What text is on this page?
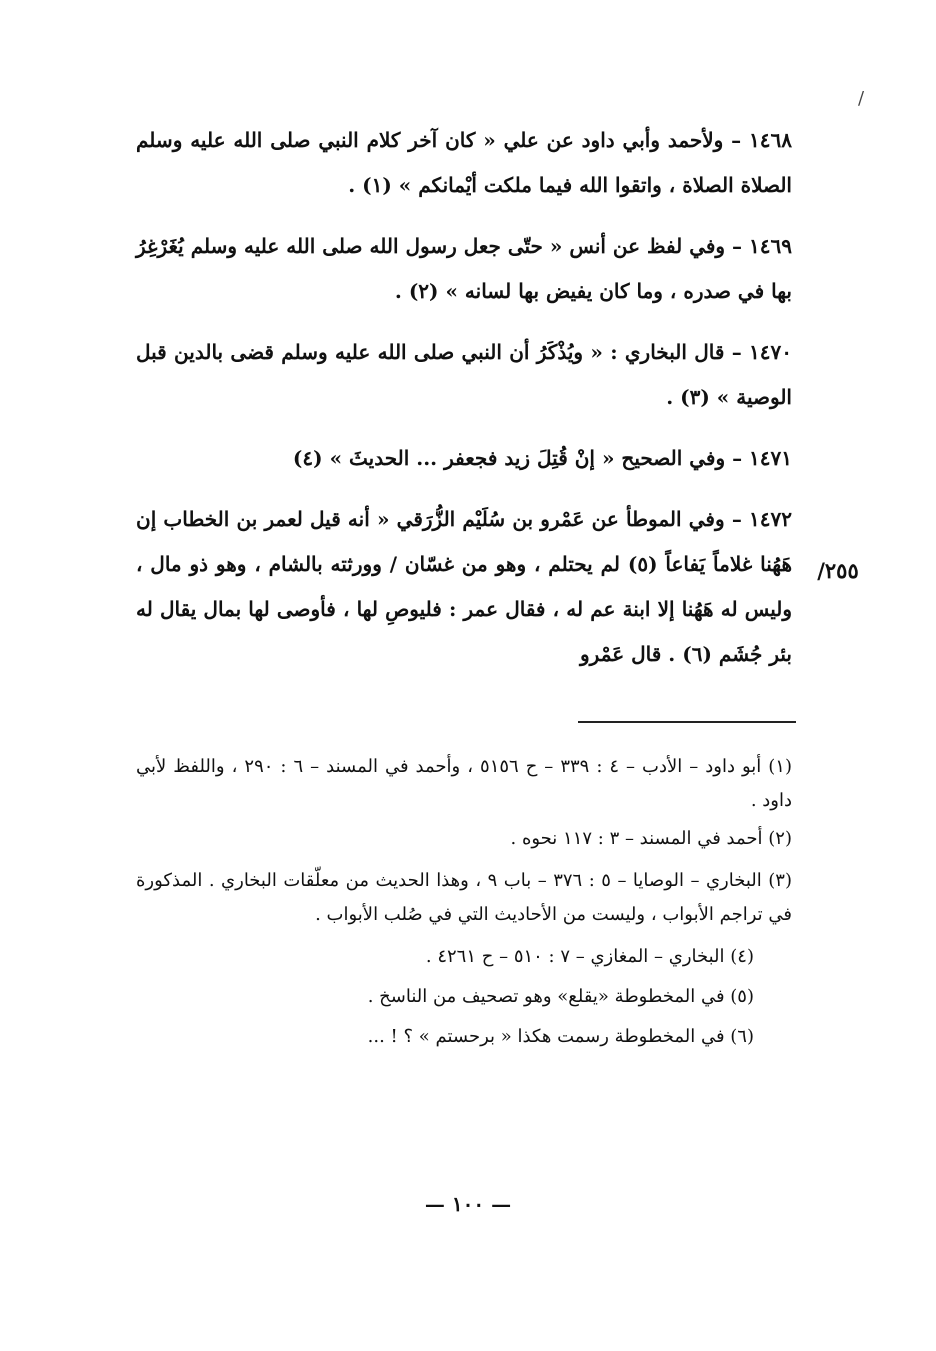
/

١٤٦٨ – ولأحمد وأبي داود عن علي « كان آخر كلام النبي صلى الله عليه وسلم الصلاة الصلاة ، واتقوا الله فيما ملكت أيْمانكم » (١) .

١٤٦٩ – وفي لفظ عن أنس « حتّى جعل رسول الله صلى الله عليه وسلم يُغَرْغِرُ بها في صدره ، وما كان يفيض بها لسانه » (٢) .

١٤٧٠ – قال البخاري : « ويُذْكَرُ أن النبي صلى الله عليه وسلم قضى بالدين قبل الوصية » (٣) .

١٤٧١ – وفي الصحيح « إنْ قُتِلَ زيد فجعفر ... الحديثَ » (٤)

١٤٧٢ – وفي الموطأ عن عَمْرو بن سُلَيْم الزُّرَقي « أنه قيل لعمر بن الخطاب إن هَهُنا غلاماً يَفاعاً (٥) لم يحتلم ، وهو من غسّان / وورثته بالشام ، وهو ذو مال ، وليس له هَهُنا إلا ابنة عم له ، فقال عمر : فليوصِ لها ، فأوصى لها بمال يقال له بئر جُشَم (٦) . قال عَمْرو

٢٥٥/

(١) أبو داود – الأدب – ٤ : ٣٣٩ – ح ٥١٥٦ ، وأحمد في المسند – ٦ : ٢٩٠ ، واللفظ لأبي داود .

(٢) أحمد في المسند – ٣ : ١١٧ نحوه .

(٣) البخاري – الوصايا – ٥ : ٣٧٦ – باب ٩ ، وهذا الحديث من معلّقات البخاري . المذكورة في تراجم الأبواب ، وليست من الأحاديث التي في صُلب الأبواب .

(٤) البخاري – المغازي – ٧ : ٥١٠ – ح ٤٢٦١ .

(٥) في المخطوطة «يقلع» وهو تصحيف من الناسخ .

(٦) في المخطوطة رسمت هكذا « برحستم » ؟ ! ...

— ١٠٠ —
